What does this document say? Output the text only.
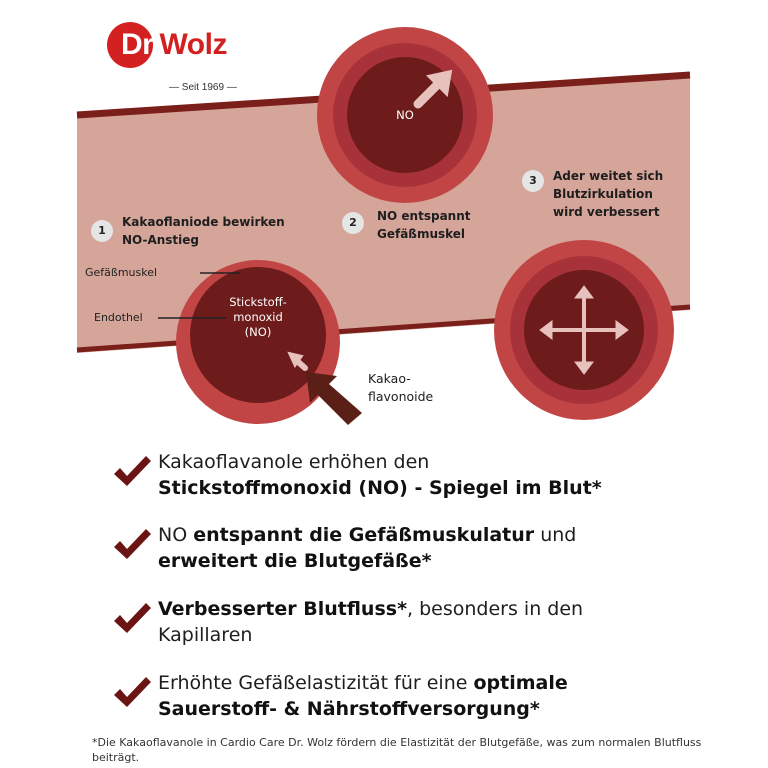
Dr.Wolz
— Seit 1969 —
1
Kakaoflaniode bewirken
NO-Anstieg
2	NO entspannt
Gefäßmuskel
3	Ader weitet sich
Blutzirkulation
wird verbessert
Gefäßmuskel
Endothel
NO
Stickstoff-
monoxid
(NO)
Kakao-
flavonoide
Kakaoflavanole erhöhen den
Stickstoffmonoxid (NO) - Spiegel im Blut*
NO entspannt die Gefäßmuskulatur und
erweitert die Blutgefäße*
Verbesserter Blutfluss*, besonders in den
Kapillaren
Erhöhte Gefäßelastizität für eine optimale
Sauerstoff- & Nährstoffversorgung*
*Die Kakaoflavanole in Cardio Care Dr. Wolz fördern die Elastizität der Blutgefäße, was zum normalen Blutfluss beiträgt.
